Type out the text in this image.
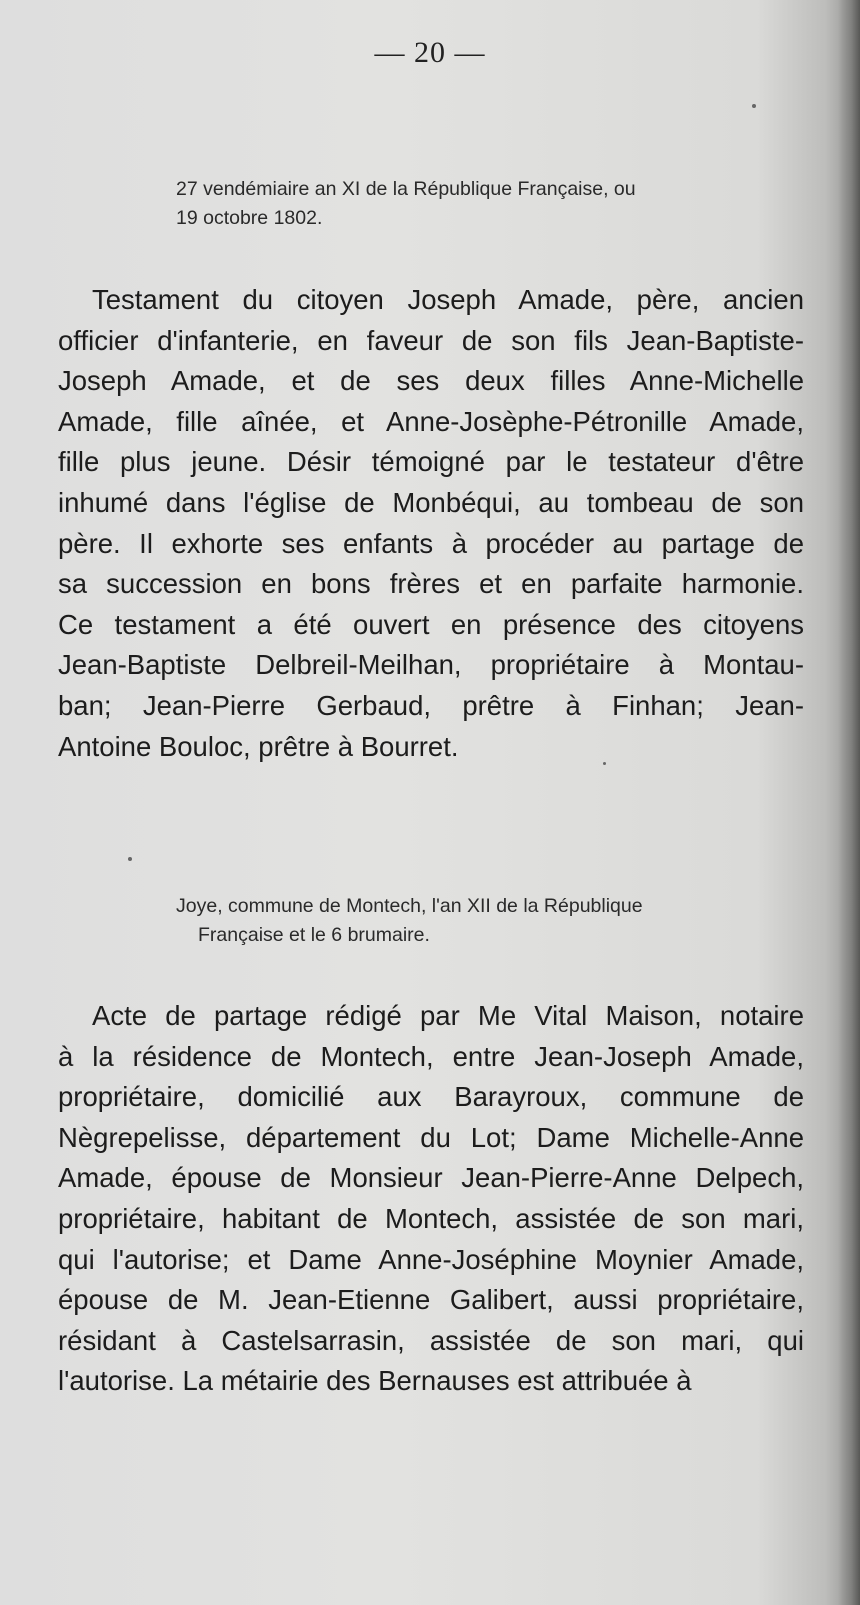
— 20 —
27 vendémiaire an XI de la République Française, ou
19 octobre 1802.
Testament du citoyen Joseph Amade, père, ancien
officier d'infanterie, en faveur de son fils Jean-Baptiste-
Joseph Amade, et de ses deux filles Anne-Michelle
Amade, fille aînée, et Anne-Josèphe-Pétronille Amade,
fille plus jeune. Désir témoigné par le testateur d'être
inhumé dans l'église de Monbéqui, au tombeau de son
père. Il exhorte ses enfants à procéder au partage de
sa succession en bons frères et en parfaite harmonie.
Ce testament a été ouvert en présence des citoyens
Jean-Baptiste Delbreil-Meilhan, propriétaire à Montau-
ban; Jean-Pierre Gerbaud, prêtre à Finhan; Jean-
Antoine Bouloc, prêtre à Bourret.
Joye, commune de Montech, l'an XII de la République
Française et le 6 brumaire.
Acte de partage rédigé par Me Vital Maison, notaire
à la résidence de Montech, entre Jean-Joseph Amade,
propriétaire, domicilié aux Barayroux, commune de
Nègrepelisse, département du Lot; Dame Michelle-Anne
Amade, épouse de Monsieur Jean-Pierre-Anne Delpech,
propriétaire, habitant de Montech, assistée de son mari,
qui l'autorise; et Dame Anne-Joséphine Moynier Amade,
épouse de M. Jean-Etienne Galibert, aussi propriétaire,
résidant à Castelsarrasin, assistée de son mari, qui
l'autorise. La métairie des Bernauses est attribuée à
